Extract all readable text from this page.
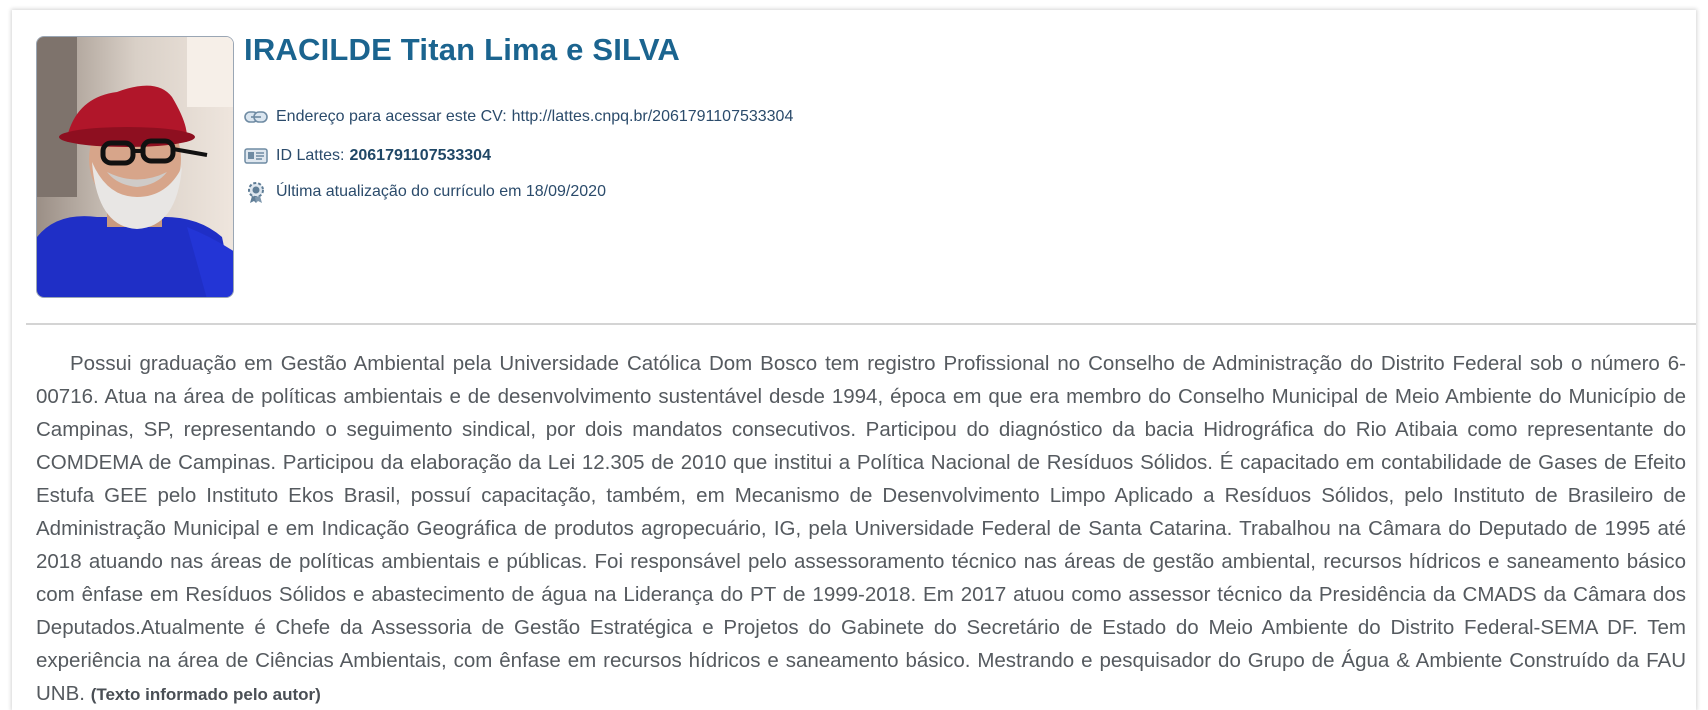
IRACILDE Titan Lima e SILVA
Endereço para acessar este CV: http://lattes.cnpq.br/2061791107533304
ID Lattes: 2061791107533304
Última atualização do currículo em 18/09/2020

Possui graduação em Gestão Ambiental pela Universidade Católica Dom Bosco tem registro Profissional no Conselho de Administração do Distrito Federal sob o número 6-00716. Atua na área de políticas ambientais e de desenvolvimento sustentável desde 1994, época em que era membro do Conselho Municipal de Meio Ambiente do Município de Campinas, SP, representando o seguimento sindical, por dois mandatos consecutivos. Participou do diagnóstico da bacia Hidrográfica do Rio Atibaia como representante do COMDEMA de Campinas. Participou da elaboração da Lei 12.305 de 2010 que institui a Política Nacional de Resíduos Sólidos. É capacitado em contabilidade de Gases de Efeito Estufa GEE pelo Instituto Ekos Brasil, possuí capacitação, também, em Mecanismo de Desenvolvimento Limpo Aplicado a Resíduos Sólidos, pelo Instituto de Brasileiro de Administração Municipal e em Indicação Geográfica de produtos agropecuário, IG, pela Universidade Federal de Santa Catarina. Trabalhou na Câmara do Deputado de 1995 até 2018 atuando nas áreas de políticas ambientais e públicas. Foi responsável pelo assessoramento técnico nas áreas de gestão ambiental, recursos hídricos e saneamento básico com ênfase em Resíduos Sólidos e abastecimento de água na Liderança do PT de 1999-2018. Em 2017 atuou como assessor técnico da Presidência da CMADS da Câmara dos Deputados.Atualmente é Chefe da Assessoria de Gestão Estratégica e Projetos do Gabinete do Secretário de Estado do Meio Ambiente do Distrito Federal-SEMA DF. Tem experiência na área de Ciências Ambientais, com ênfase em recursos hídricos e saneamento básico. Mestrando e pesquisador do Grupo de Água & Ambiente Construído da FAU UNB. (Texto informado pelo autor)
